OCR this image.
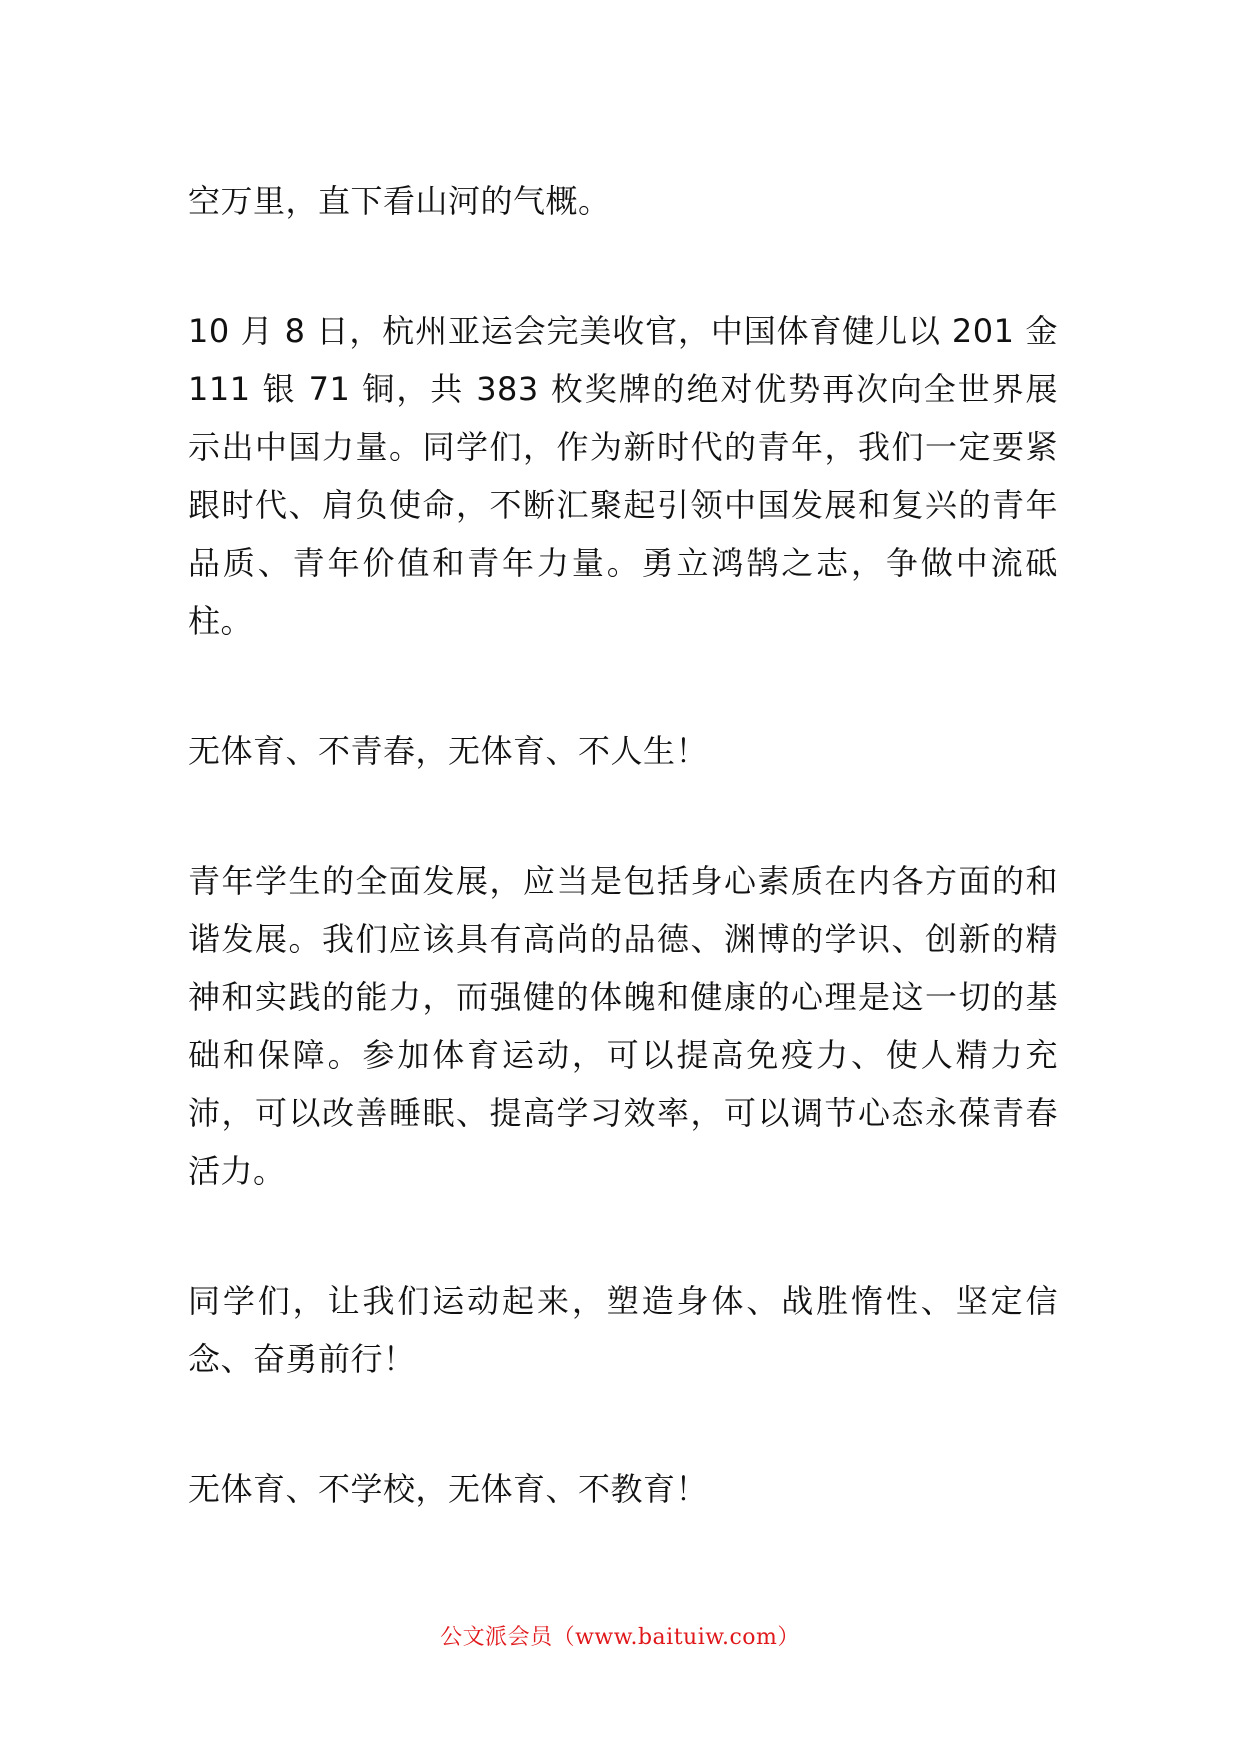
空万里，直下看山河的气概。

10 月 8 日，杭州亚运会完美收官，中国体育健儿以 201 金 111 银 71 铜，共 383 枚奖牌的绝对优势再次向全世界展示出中国力量。同学们，作为新时代的青年，我们一定要紧跟时代、肩负使命，不断汇聚起引领中国发展和复兴的青年品质、青年价值和青年力量。勇立鸿鹄之志，争做中流砥柱。

无体育、不青春，无体育、不人生！

青年学生的全面发展，应当是包括身心素质在内各方面的和谐发展。我们应该具有高尚的品德、渊博的学识、创新的精神和实践的能力，而强健的体魄和健康的心理是这一切的基础和保障。参加体育运动，可以提高免疫力、使人精力充沛，可以改善睡眠、提高学习效率，可以调节心态永葆青春活力。

同学们，让我们运动起来，塑造身体、战胜惰性、坚定信念、奋勇前行！

无体育、不学校，无体育、不教育！

公文派会员（www.baituiw.com）
